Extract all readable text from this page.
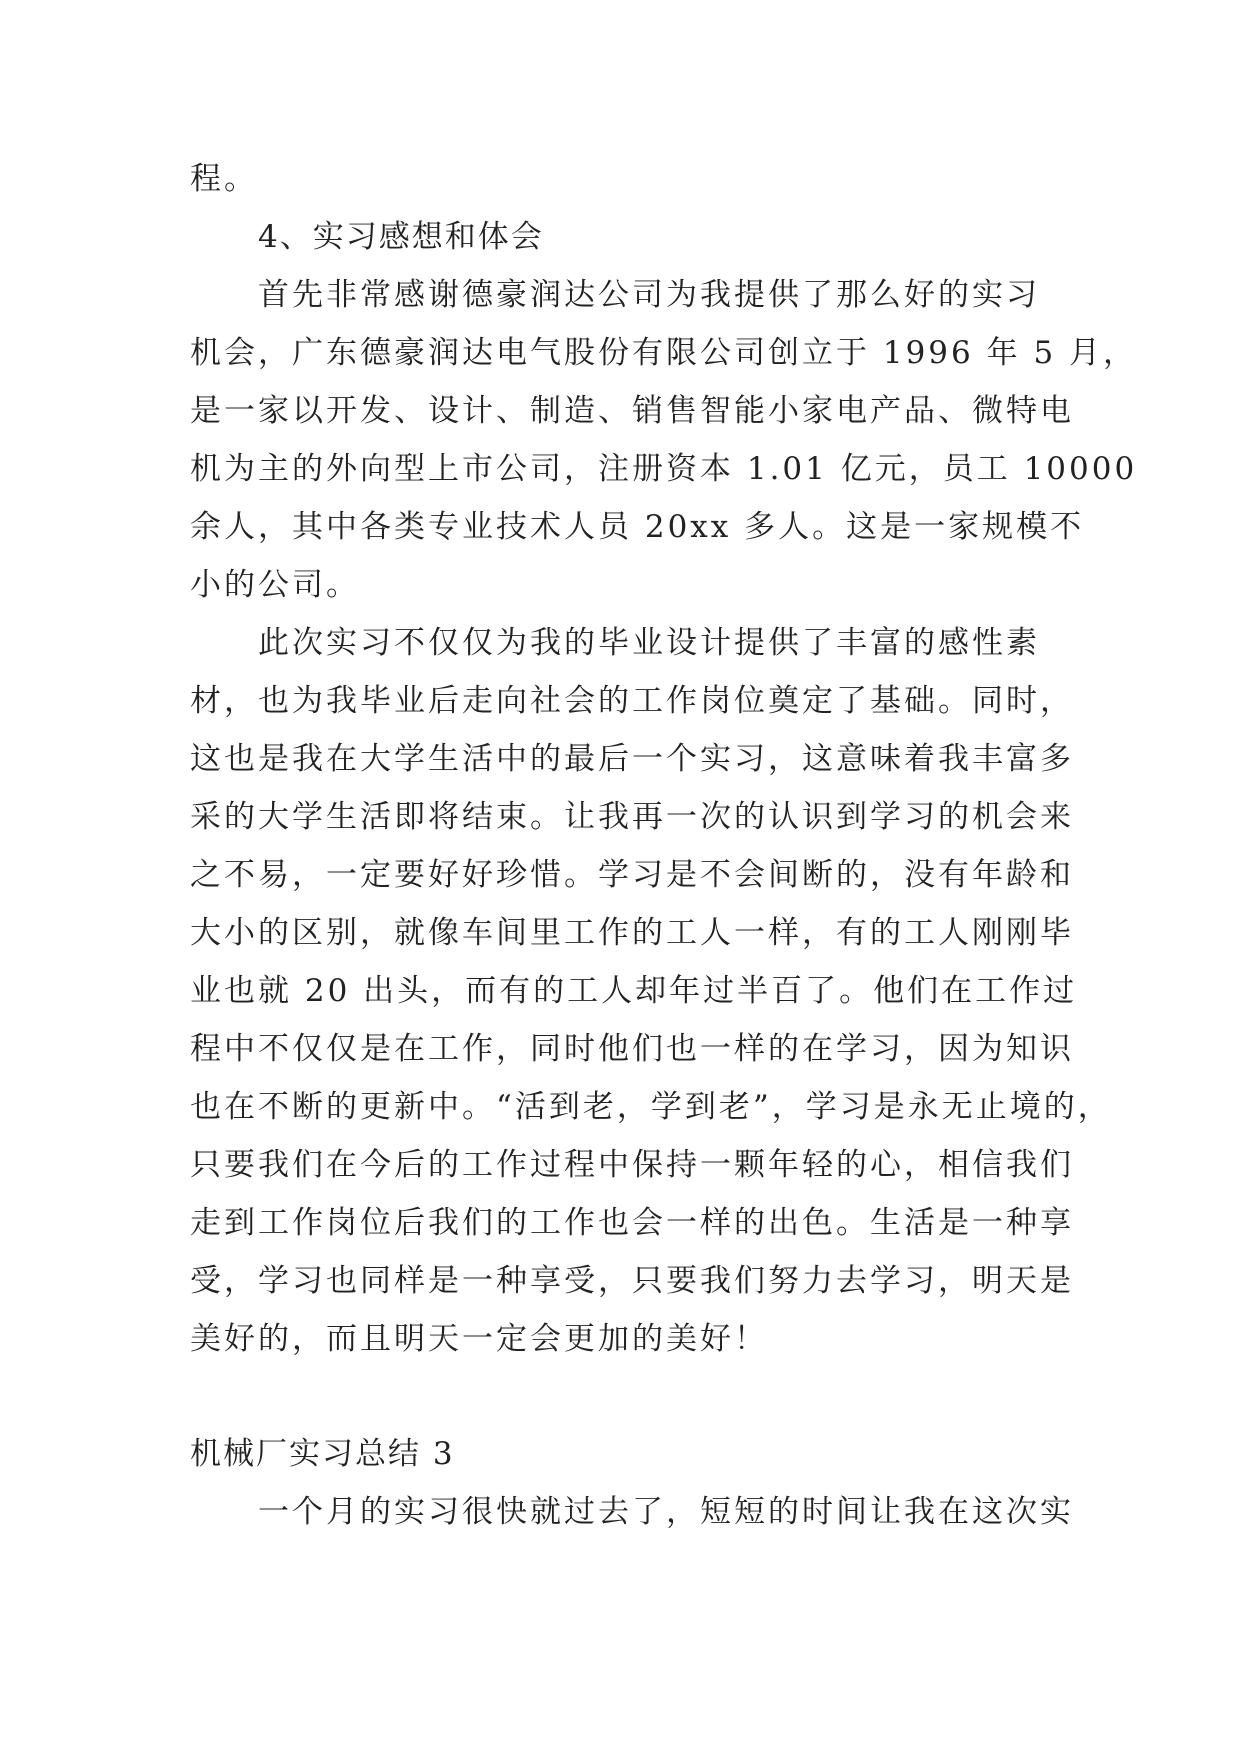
程。
4、实习感想和体会
首先非常感谢德豪润达公司为我提供了那么好的实习
机会，广东德豪润达电气股份有限公司创立于 1996 年 5 月，
是一家以开发、设计、制造、销售智能小家电产品、微特电
机为主的外向型上市公司，注册资本 1.01 亿元，员工 10000
余人，其中各类专业技术人员 20xx 多人。这是一家规模不
小的公司。
此次实习不仅仅为我的毕业设计提供了丰富的感性素
材，也为我毕业后走向社会的工作岗位奠定了基础。同时，
这也是我在大学生活中的最后一个实习，这意味着我丰富多
采的大学生活即将结束。让我再一次的认识到学习的机会来
之不易，一定要好好珍惜。学习是不会间断的，没有年龄和
大小的区别，就像车间里工作的工人一样，有的工人刚刚毕
业也就 20 出头，而有的工人却年过半百了。他们在工作过
程中不仅仅是在工作，同时他们也一样的在学习，因为知识
也在不断的更新中。“活到老，学到老”，学习是永无止境的，
只要我们在今后的工作过程中保持一颗年轻的心，相信我们
走到工作岗位后我们的工作也会一样的出色。生活是一种享
受，学习也同样是一种享受，只要我们努力去学习，明天是
美好的，而且明天一定会更加的美好！
机械厂实习总结 3
一个月的实习很快就过去了，短短的时间让我在这次实
